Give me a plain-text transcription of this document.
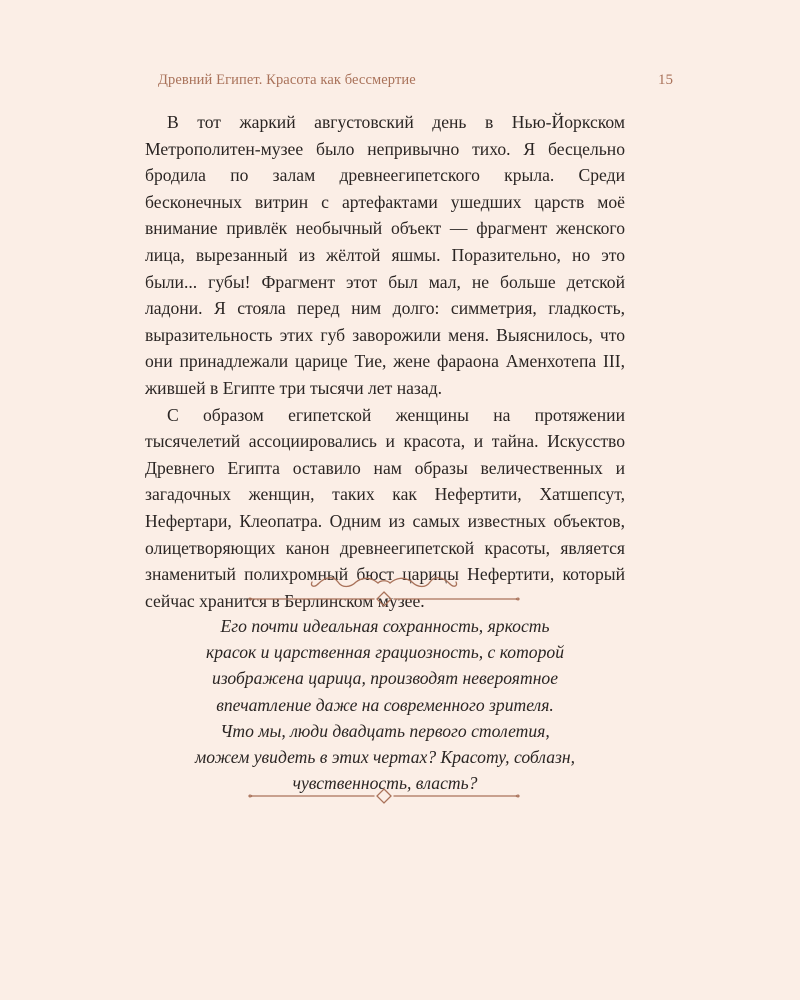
Древний Египет. Красота как бессмертие	15

В тот жаркий августовский день в Нью-Йоркском Метрополитен-музее было непривычно тихо. Я бесцельно бродила по залам древнеегипетского крыла. Среди бесконечных витрин с артефактами ушедших царств моё внимание привлёк необычный объект — фрагмент женского лица, вырезанный из жёлтой яшмы. Поразительно, но это были... губы! Фрагмент этот был мал, не больше детской ладони. Я стояла перед ним долго: симметрия, гладкость, выразительность этих губ заворожили меня. Выяснилось, что они принадлежали царице Тие, жене фараона Аменхотепа III, жившей в Египте три тысячи лет назад.

С образом египетской женщины на протяжении тысячелетий ассоциировались и красота, и тайна. Искусство Древнего Египта оставило нам образы величественных и загадочных женщин, таких как Нефертити, Хатшепсут, Нефертари, Клеопатра. Одним из самых известных объектов, олицетворяющих канон древнеегипетской красоты, является знаменитый полихромный бюст царицы Нефертити, который сейчас хранится в Берлинском музее.

Его почти идеальная сохранность, яркость
красок и царственная грациозность, с которой
изображена царица, производят невероятное
впечатление даже на современного зрителя.
Что мы, люди двадцать первого столетия,
можем увидеть в этих чертах? Красоту, соблазн,
чувственность, власть?
